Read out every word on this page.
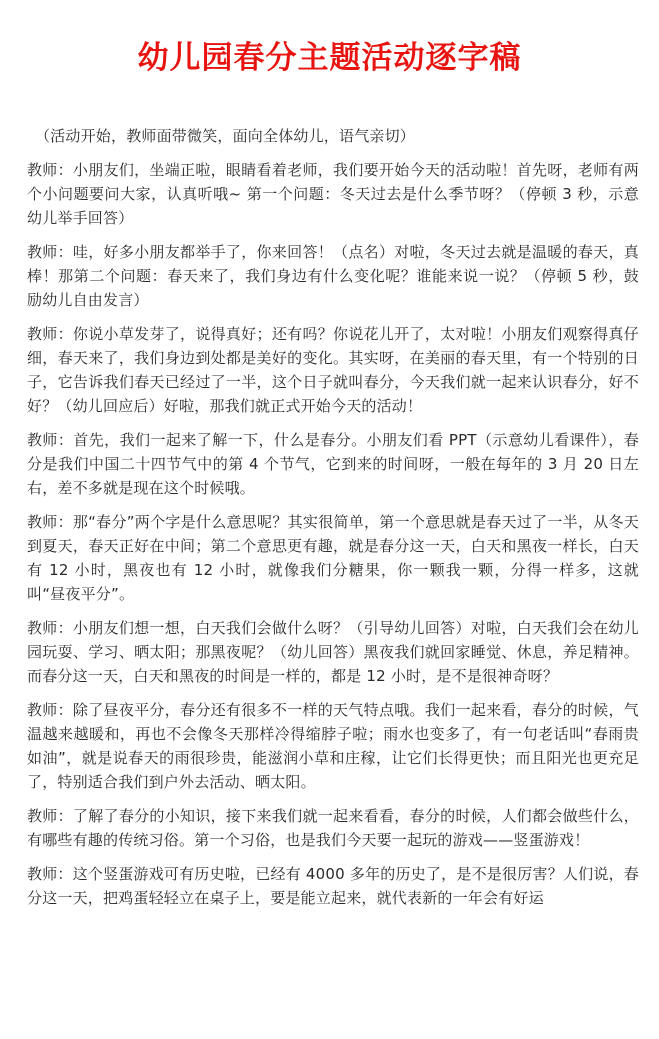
幼儿园春分主题活动逐字稿

（活动开始，教师面带微笑，面向全体幼儿，语气亲切）

教师：小朋友们，坐端正啦，眼睛看着老师，我们要开始今天的活动啦！首先呀，老师有两个小问题要问大家，认真听哦~ 第一个问题：冬天过去是什么季节呀？（停顿 3 秒，示意幼儿举手回答）

教师：哇，好多小朋友都举手了，你来回答！（点名）对啦，冬天过去就是温暖的春天，真棒！那第二个问题：春天来了，我们身边有什么变化呢？谁能来说一说？（停顿 5 秒，鼓励幼儿自由发言）

教师：你说小草发芽了，说得真好；还有吗？你说花儿开了，太对啦！小朋友们观察得真仔细，春天来了，我们身边到处都是美好的变化。其实呀，在美丽的春天里，有一个特别的日子，它告诉我们春天已经过了一半，这个日子就叫春分，今天我们就一起来认识春分，好不好？（幼儿回应后）好啦，那我们就正式开始今天的活动！

教师：首先，我们一起来了解一下，什么是春分。小朋友们看 PPT（示意幼儿看课件），春分是我们中国二十四节气中的第 4 个节气，它到来的时间呀，一般在每年的 3 月 20 日左右，差不多就是现在这个时候哦。

教师：那“春分”两个字是什么意思呢？其实很简单，第一个意思就是春天过了一半，从冬天到夏天，春天正好在中间；第二个意思更有趣，就是春分这一天，白天和黑夜一样长，白天有 12 小时，黑夜也有 12 小时，就像我们分糖果，你一颗我一颗，分得一样多，这就叫“昼夜平分”。

教师：小朋友们想一想，白天我们会做什么呀？（引导幼儿回答）对啦，白天我们会在幼儿园玩耍、学习、晒太阳；那黑夜呢？（幼儿回答）黑夜我们就回家睡觉、休息，养足精神。而春分这一天，白天和黑夜的时间是一样的，都是 12 小时，是不是很神奇呀？

教师：除了昼夜平分，春分还有很多不一样的天气特点哦。我们一起来看，春分的时候，气温越来越暖和，再也不会像冬天那样冷得缩脖子啦；雨水也变多了，有一句老话叫“春雨贵如油”，就是说春天的雨很珍贵，能滋润小草和庄稼，让它们长得更快；而且阳光也更充足了，特别适合我们到户外去活动、晒太阳。

教师：了解了春分的小知识，接下来我们就一起来看看，春分的时候，人们都会做些什么，有哪些有趣的传统习俗。第一个习俗，也是我们今天要一起玩的游戏——竖蛋游戏！

教师：这个竖蛋游戏可有历史啦，已经有 4000 多年的历史了，是不是很厉害？人们说，春分这一天，把鸡蛋轻轻立在桌子上，要是能立起来，就代表新的一年会有好运
